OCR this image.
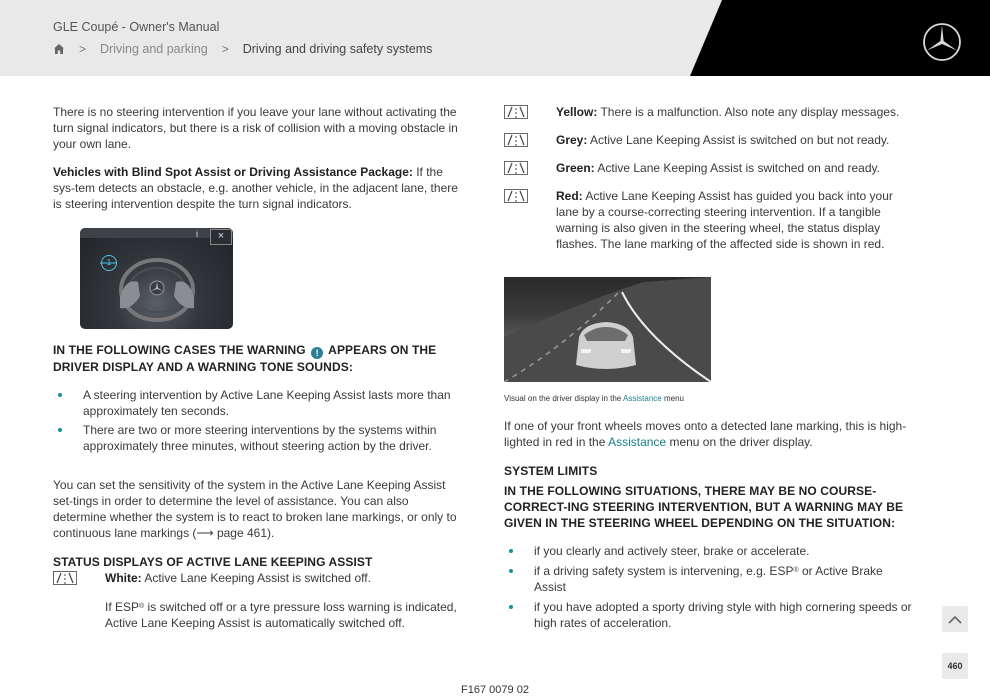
GLE Coupé - Owner's Manual
> Driving and parking > Driving and driving safety systems

There is no steering intervention if you leave your lane without activating the turn signal indicators, but there is a risk of collision with a moving obstacle in your own lane.

Vehicles with Blind Spot Assist or Driving Assistance Package: If the sys-tem detects an obstacle, e.g. another vehicle, in the adjacent lane, there is steering intervention despite the turn signal indicators.

i	×
1

IN THE FOLLOWING CASES THE WARNING ! APPEARS ON THE DRIVER DISPLAY AND A WARNING TONE SOUNDS:

A steering intervention by Active Lane Keeping Assist lasts more than approximately ten seconds.
There are two or more steering interventions by the systems within approximately three minutes, without steering action by the driver.

You can set the sensitivity of the system in the Active Lane Keeping Assist set-tings in order to determine the level of assistance. You can also determine whether the system is to react to broken lane markings, or only to continuous lane markings (⟶ page 461).

STATUS DISPLAYS OF ACTIVE LANE KEEPING ASSIST

White: Active Lane Keeping Assist is switched off.

If ESP® is switched off or a tyre pressure loss warning is indicated, Active Lane Keeping Assist is automatically switched off.

Yellow: There is a malfunction. Also note any display messages.
Grey: Active Lane Keeping Assist is switched on but not ready.
Green: Active Lane Keeping Assist is switched on and ready.
Red: Active Lane Keeping Assist has guided you back into your lane by a course-correcting steering intervention. If a tangible warning is also given in the steering wheel, the status display flashes. The lane marking of the affected side is shown in red.
Visual on the driver display in the Assistance menu

If one of your front wheels moves onto a detected lane marking, this is high-lighted in red in the Assistance menu on the driver display.

SYSTEM LIMITS

IN THE FOLLOWING SITUATIONS, THERE MAY BE NO COURSE-CORRECT-ING STEERING INTERVENTION, BUT A WARNING MAY BE GIVEN IN THE STEERING WHEEL DEPENDING ON THE SITUATION:

if you clearly and actively steer, brake or accelerate.
if a driving safety system is intervening, e.g. ESP® or Active Brake Assist
if you have adopted a sporty driving style with high cornering speeds or high rates of acceleration.
460
F167 0079 02
